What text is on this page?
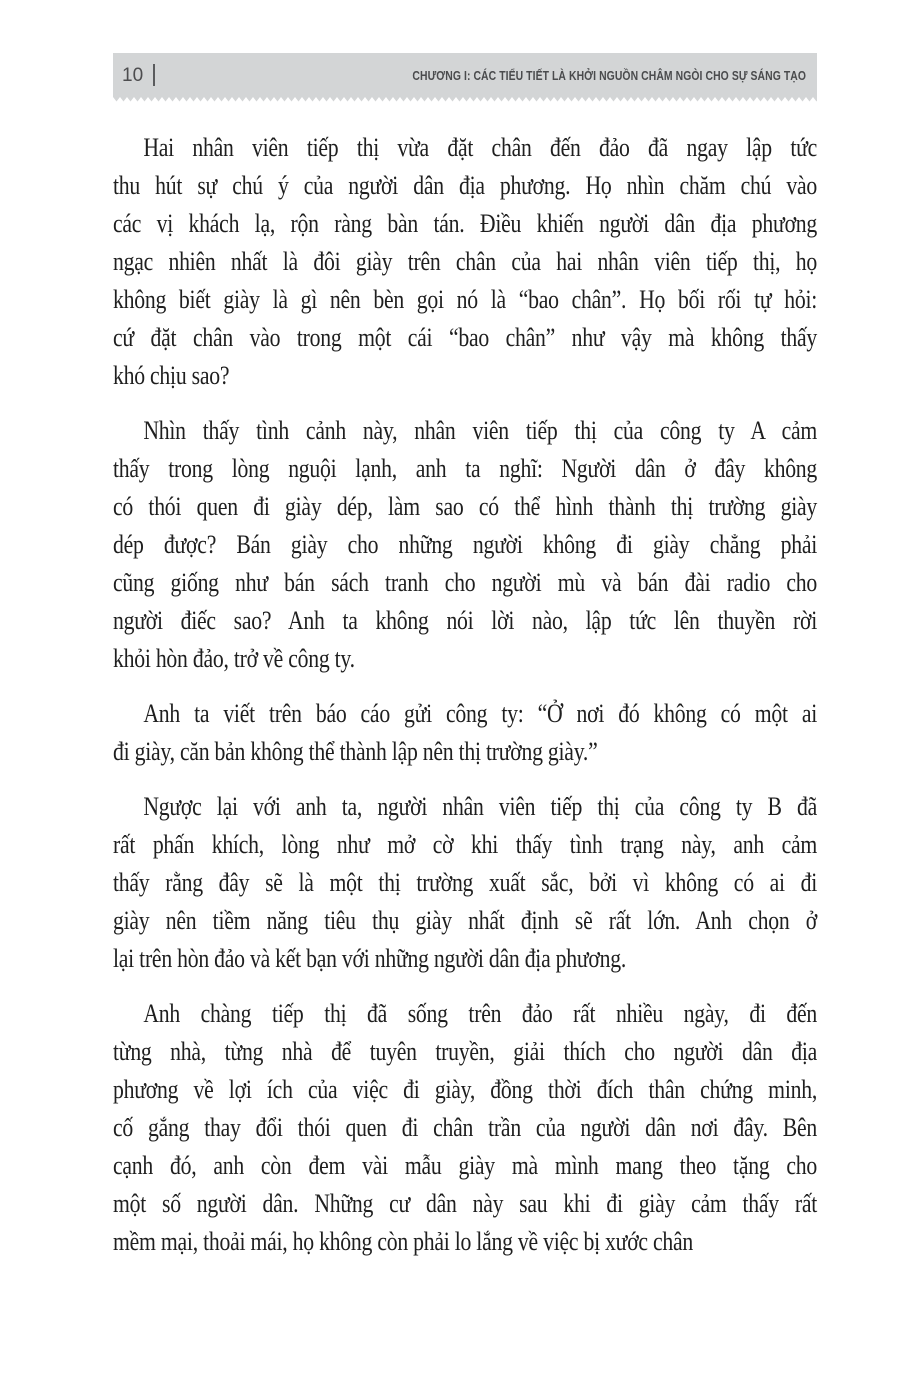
10	CHƯƠNG I: CÁC TIỂU TIẾT LÀ KHỞI NGUỒN CHÂM NGÒI CHO SỰ SÁNG TẠO
Hai nhân viên tiếp thị vừa đặt chân đến đảo đã ngay lập tức
thu hút sự chú ý của người dân địa phương. Họ nhìn chăm chú vào
các vị khách lạ, rộn ràng bàn tán. Điều khiến người dân địa phương
ngạc nhiên nhất là đôi giày trên chân của hai nhân viên tiếp thị, họ
không biết giày là gì nên bèn gọi nó là “bao chân”. Họ bối rối tự hỏi:
cứ đặt chân vào trong một cái “bao chân” như vậy mà không thấy
khó chịu sao?
Nhìn thấy tình cảnh này, nhân viên tiếp thị của công ty A cảm
thấy trong lòng nguội lạnh, anh ta nghĩ: Người dân ở đây không
có thói quen đi giày dép, làm sao có thể hình thành thị trường giày
dép được? Bán giày cho những người không đi giày chẳng phải
cũng giống như bán sách tranh cho người mù và bán đài radio cho
người điếc sao? Anh ta không nói lời nào, lập tức lên thuyền rời
khỏi hòn đảo, trở về công ty.
Anh ta viết trên báo cáo gửi công ty: “Ở nơi đó không có một ai
đi giày, căn bản không thể thành lập nên thị trường giày.”
Ngược lại với anh ta, người nhân viên tiếp thị của công ty B đã
rất phấn khích, lòng như mở cờ khi thấy tình trạng này, anh cảm
thấy rằng đây sẽ là một thị trường xuất sắc, bởi vì không có ai đi
giày nên tiềm năng tiêu thụ giày nhất định sẽ rất lớn. Anh chọn ở
lại trên hòn đảo và kết bạn với những người dân địa phương.
Anh chàng tiếp thị đã sống trên đảo rất nhiều ngày, đi đến
từng nhà, từng nhà để tuyên truyền, giải thích cho người dân địa
phương về lợi ích của việc đi giày, đồng thời đích thân chứng minh,
cố gắng thay đổi thói quen đi chân trần của người dân nơi đây. Bên
cạnh đó, anh còn đem vài mẫu giày mà mình mang theo tặng cho
một số người dân. Những cư dân này sau khi đi giày cảm thấy rất
mềm mại, thoải mái, họ không còn phải lo lắng về việc bị xước chân
